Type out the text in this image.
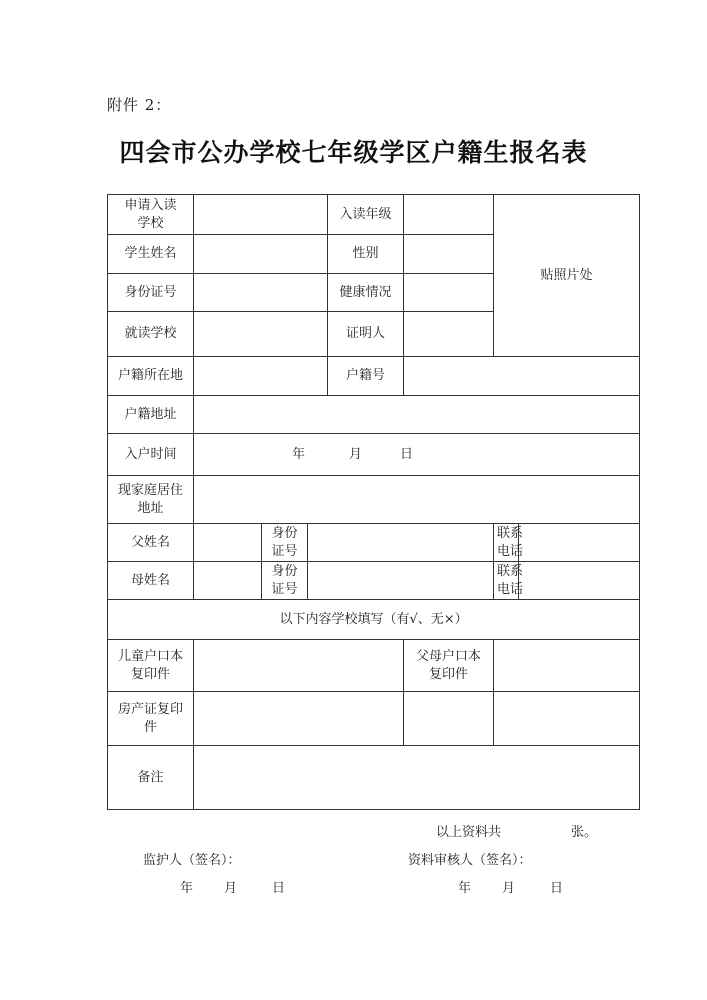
附件 2：
四会市公办学校七年级学区户籍生报名表
申请入读学校				入读年级		贴照片处	
学生姓名				性别			
身份证号				健康情况			
就读学校				证明人			
户籍所在地				户籍号			
户籍地址							
入户时间	年 月 日						

现家庭居住地址							

父姓名		身份证号				联系电话	

母姓名		身份证号				联系电话	

以下内容学校填写（有√、无×）							

儿童户口本复印件					父母户口本复印件		

房产证复印件							

备注							
以上资料共	张。
监护人（签名）：	资料审核人（签名）：
年 月	日	年 月	日
